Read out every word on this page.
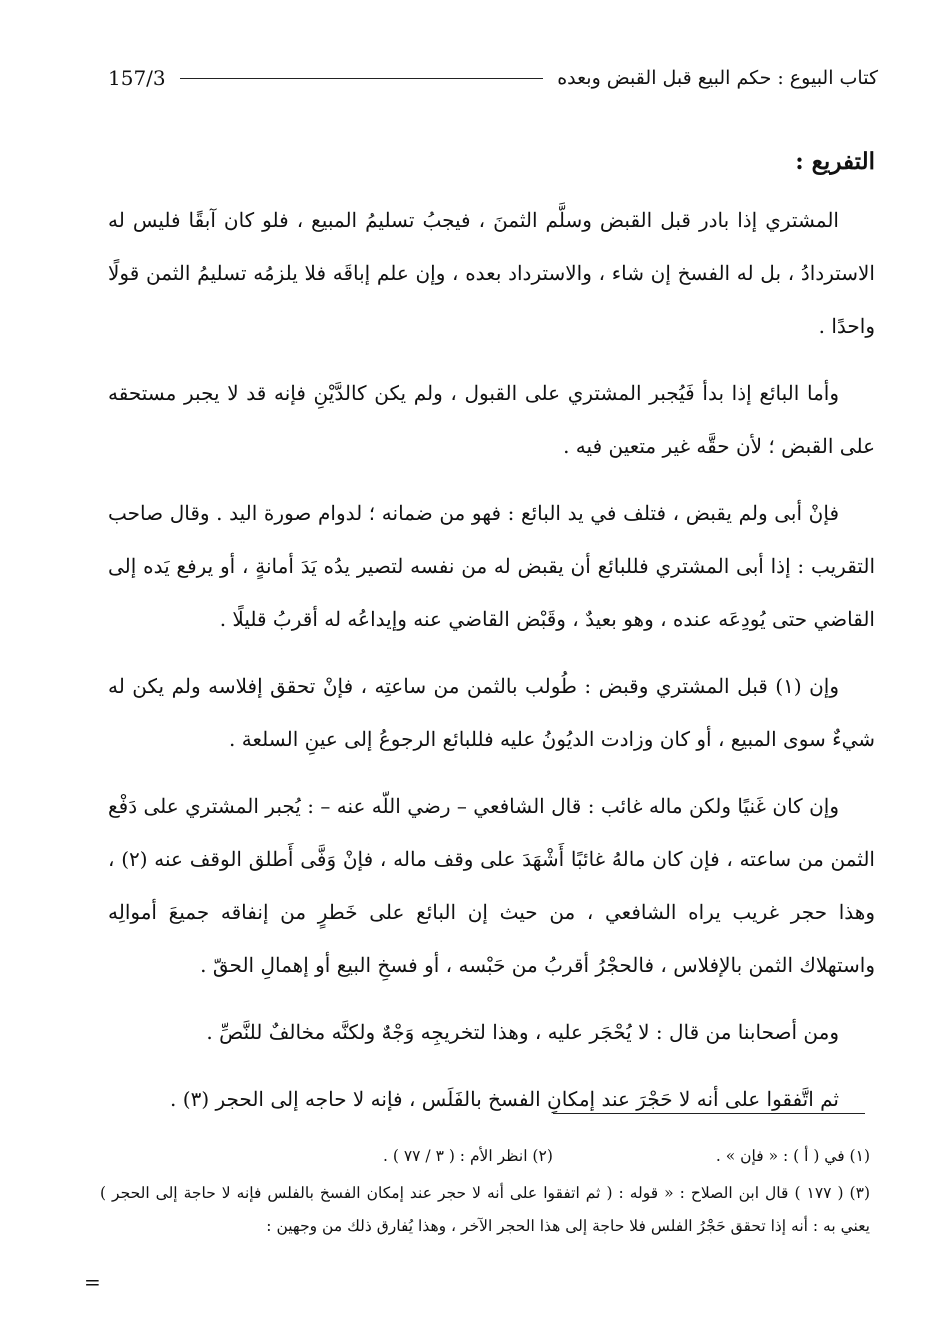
كتاب البيوع : حكم البيع قبل القبض وبعده
157/3
التفريع :

المشتري إذا بادر قبل القبض وسلَّم الثمنَ ، فيجبُ تسليمُ المبيع ، فلو كان آبقًا فليس له الاستردادُ ، بل له الفسخ إن شاء ، والاسترداد بعده ، وإن علم إباقَه فلا يلزمُه تسليمُ الثمن قولًا واحدًا .

وأما البائع إذا بدأ فَيُجبر المشتري على القبول ، ولم يكن كالدَّيْنِ فإنه قد لا يجبر مستحقه على القبض ؛ لأن حقَّه غير متعين فيه .

فإنْ أبى ولم يقبض ، فتلف في يد البائع : فهو من ضمانه ؛ لدوام صورة اليد . وقال صاحب التقريب : إذا أبى المشتري فللبائع أن يقبض له من نفسه لتصير يدُه يَدَ أمانةٍ ، أو يرفع يَده إلى القاضي حتى يُودِعَه عنده ، وهو بعيدٌ ، وقَبْض القاضي عنه وإيداعُه له أقربُ قليلًا .

وإن (١) قبل المشتري وقبض : طُولب بالثمن من ساعتِه ، فإنْ تحقق إفلاسه ولم يكن له شيءٌ سوى المبيع ، أو كان وزادت الديُونُ عليه فللبائع الرجوعُ إلى عينِ السلعة .

وإن كان غَنيًا ولكن ماله غائب : قال الشافعي – رضي اللّه عنه – : يُجبر المشتري على دَفْع الثمن من ساعته ، فإن كان مالهُ غائبًا أَشْهَدَ على وقف ماله ، فإنْ وَفَّى أَطلق الوقف عنه (٢) ، وهذا حجر غريب يراه الشافعي ، من حيث إن البائع على خَطرٍ من إنفاقه جميعَ أموالِه واستهلاك الثمن بالإفلاس ، فالحجْرُ أقربُ من حَبْسه ، أو فسخِ البيع أو إهمالِ الحقّ .

ومن أصحابنا من قال : لا يُحْجَر عليه ، وهذا لتخريجِه وَجْهٌ ولكنَّه مخالفٌ للنَّصِّ .

ثم اتَّفقوا على أنه لا حَجْرَ عند إمكانِ الفسخ بالفَلَس ، فإنه لا حاجه إلى الحجر (٣) .

(١) في ( أ ) : « فإن » .
(٢) انظر الأم : ( ٣ / ٧٧ ) .
(٣) ( ١٧٧ ) قال ابن الصلاح : « قوله : ( ثم اتفقوا على أنه لا حجر عند إمكان الفسخ بالفلس فإنه لا حاجة إلى الحجر ) يعني به : أنه إذا تحقق حَجْرُ الفلس فلا حاجة إلى هذا الحجر الآخر ، وهذا يُفارق ذلك من وجهين :
=
